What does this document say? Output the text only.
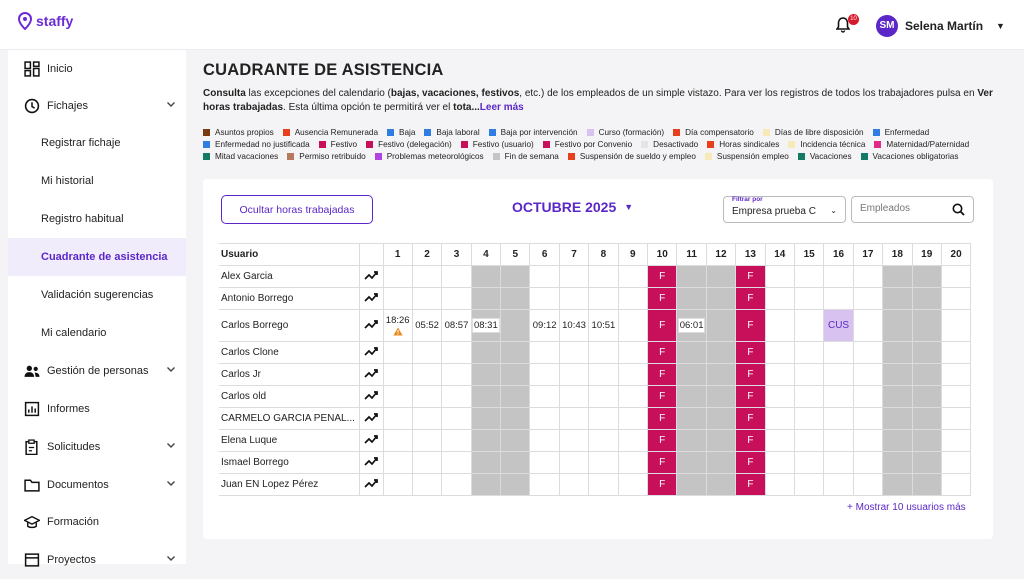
staffy	10
SM Selena Martín ▼
Inicio
Fichajes
Registrar fichaje
Mi historial
Registro habitual
Cuadrante de asistencia
Validación sugerencias
Mi calendario
Gestión de personas
Informes
Solicitudes
Documentos
Formación
Proyectos
CUADRANTE DE ASISTENCIA
Consulta las excepciones del calendario (bajas, vacaciones, festivos, etc.) de los empleados de un simple vistazo. Para ver los registros de todos los trabajadores pulsa en Ver horas trabajadas. Esta última opción te permitirá ver el tota...Leer más
Asuntos propios	Ausencia Remunerada	Baja	Baja laboral	Baja por intervención	Curso (formación)	Día compensatorio	Días de libre disposición	EnfermedadEnfermedad no justificada	Festivo	Festivo (delegación)	Festivo (usuario)	Festivo por Convenio	Desactivado	Horas sindicales	Incidencia técnica	Maternidad/PaternidadMitad vacaciones	Permiso retribuido	Problemas meteorológicos	Fin de semana	Suspensión de sueldo y empleo	Suspensión empleo	Vacaciones	Vacaciones obligatorias
Ocultar horas trabajadas	OCTUBRE 2025 ▼
Filtrar por
Empresa prueba C ⌄
Empleados
Usuario		1	2	3	4	5	6	7	8	9	10	11	12	13	14	15	16	17	18	19	20
Alex Garcia											F			F							
Antonio Borrego											F			F							
Carlos Borrego		18:26	05:52	08:57	08:31		09:12	10:43	10:51		F	06:01		F			CUS				
Carlos Clone											F			F							
Carlos Jr											F			F							
Carlos old											F			F							
CARMELO GARCIA PENAL...											F			F							
Elena Luque											F			F							
Ismael Borrego											F			F							
Juan EN Lopez Pérez											F			F							
+ Mostrar 10 usuarios más
